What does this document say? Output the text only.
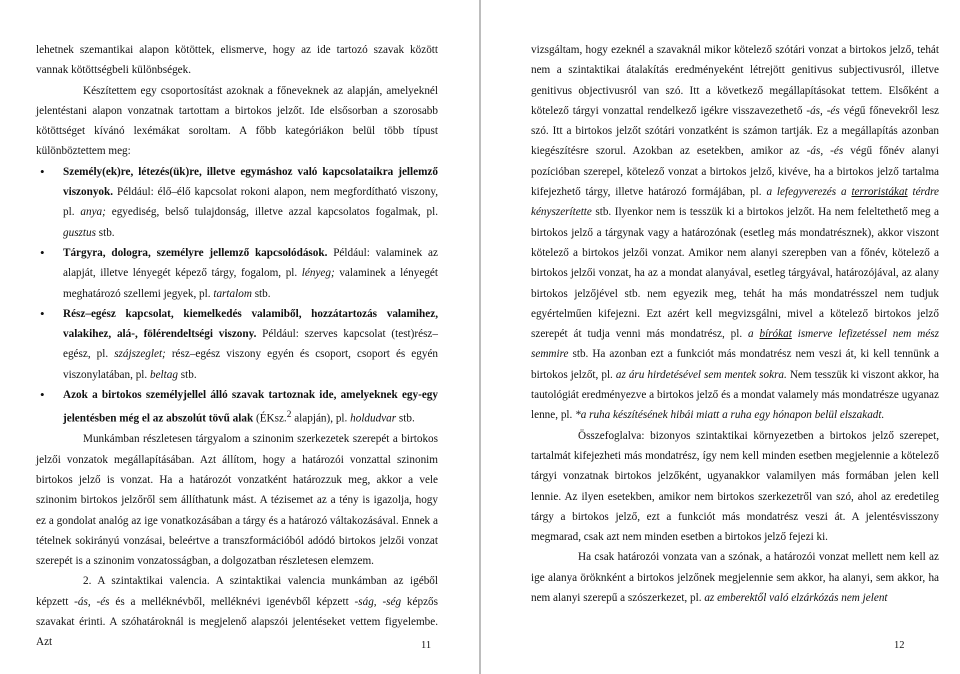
lehetnek szemantikai alapon kötöttek, elismerve, hogy az ide tartozó szavak között vannak kötöttségbeli különbségek.

Készítettem egy csoportosítást azoknak a főneveknek az alapján, amelyeknél jelentéstani alapon vonzatnak tartottam a birtokos jelzőt. Ide elsősorban a szorosabb kötöttséget kívánó lexémákat soroltam. A főbb kategóriákon belül több típust különböztettem meg:

• Személy(ek)re, létezés(ük)re, illetve egymáshoz való kapcsolataikra jellemző viszonyok. Például: élő–élő kapcsolat rokoni alapon, nem megfordítható viszony, pl. anya; egyediség, belső tulajdonság, illetve azzal kapcsolatos fogalmak, pl. gusztus stb.
• Tárgyra, dologra, személyre jellemző kapcsolódások. Például: valaminek az alapját, illetve lényegét képező tárgy, fogalom, pl. lényeg; valaminek a lényegét meghatározó szellemi jegyek, pl. tartalom stb.
• Rész–egész kapcsolat, kiemelkedés valamiből, hozzátartozás valamihez, valakihez, alá-, fölérendeltségi viszony. Például: szerves kapcsolat (test)rész–egész, pl. szájszeglet; rész–egész viszony egyén és csoport, csoport és egyén viszonylatában, pl. beltag stb.
• Azok a birtokos személyjellel álló szavak tartoznak ide, amelyeknek egy-egy jelentésben még el az abszolút tövű alak (ÉKsz.$^2$ alapján), pl. holdudvar stb.

Munkámban részletesen tárgyalom a szinonim szerkezetek szerepét a birtokos jelzői vonzatok megállapításában. Azt állítom, hogy a határozói vonzattal szinonim birtokos jelző is vonzat. Ha a határozót vonzatként határozzuk meg, akkor a vele szinonim birtokos jelzőről sem állíthatunk mást. A tézisemet az a tény is igazolja, hogy ez a gondolat analóg az ige vonatkozásában a tárgy és a határozó váltakozásával. Ennek a tételnek sokirányú vonzásai, beleértve a transzformációból adódó birtokos jelzői vonzat szerepét is a szinonim vonzatosságban, a dolgozatban részletesen elemzem.

2. A szintaktikai valencia. A szintaktikai valencia munkámban az igéből képzett -ás, -és és a melléknévből, melléknévi igenévből képzett -ság, -ség képzős szavakat érinti. A szóhatároknál is megjelenő alapszói jelentéseket vettem figyelembe. Azt	11

vizsgáltam, hogy ezeknél a szavaknál mikor kötelező szótári vonzat a birtokos jelző, tehát nem a szintaktikai átalakítás eredményeként létrejött genitivus subjectivusról, illetve genitivus objectivusról van szó. Itt a következő megállapításokat tettem. Elsőként a kötelező tárgyi vonzattal rendelkező igékre visszavezethető -ás, -és végű főnevekről lesz szó. Itt a birtokos jelzőt szótári vonzatként is számon tartják. Ez a megállapítás azonban kiegészítésre szorul. Azokban az esetekben, amikor az -ás, -és végű főnév alanyi pozícióban szerepel, kötelező vonzat a birtokos jelző, kivéve, ha a birtokos jelző tartalma kifejezhető tárgy, illetve határozó formájában, pl. a lefegyverezés a terroristákat térdre kényszerítette stb. Ilyenkor nem is tesszük ki a birtokos jelzőt. Ha nem feleltethető meg a birtokos jelző a tárgynak vagy a határozónak (esetleg más mondatrésznek), akkor viszont kötelező a birtokos jelzői vonzat. Amikor nem alanyi szerepben van a főnév, kötelező a birtokos jelzői vonzat, ha az a mondat alanyával, esetleg tárgyával, határozójával, az alany birtokos jelzőjével stb. nem egyezik meg, tehát ha más mondatrésszel nem tudjuk egyértelműen kifejezni. Ezt azért kell megvizsgálni, mivel a kötelező birtokos jelző szerepét át tudja venni más mondatrész, pl. a bírókat ismerve lefizetéssel nem mész semmire stb. Ha azonban ezt a funkciót más mondatrész nem veszi át, ki kell tennünk a birtokos jelzőt, pl. az áru hirdetésével sem mentek sokra. Nem tesszük ki viszont akkor, ha tautológiát eredményezve a birtokos jelző és a mondat valamely más mondatrésze ugyanaz lenne, pl. *a ruha készítésének hibái miatt a ruha egy hónapon belül elszakadt.

Összefoglalva: bizonyos szintaktikai környezetben a birtokos jelző szerepet, tartalmát kifejezheti más mondatrész, így nem kell minden esetben megjelennie a kötelező tárgyi vonzatnak birtokos jelzőként, ugyanakkor valamilyen más formában jelen kell lennie. Az ilyen esetekben, amikor nem birtokos szerkezetről van szó, ahol az eredetileg tárgy a birtokos jelző, ezt a funkciót más mondatrész veszi át. A jelentésvisszony megmarad, csak azt nem minden esetben a birtokos jelző fejezi ki.

Ha csak határozói vonzata van a szónak, a határozói vonzat mellett nem kell az ige alanya öröknként a birtokos jelzőnek megjelennie sem akkor, ha alanyi, sem akkor, ha nem alanyi szerepű a szószerkezet, pl. az emberektől való elzárkózás nem jelent

12
